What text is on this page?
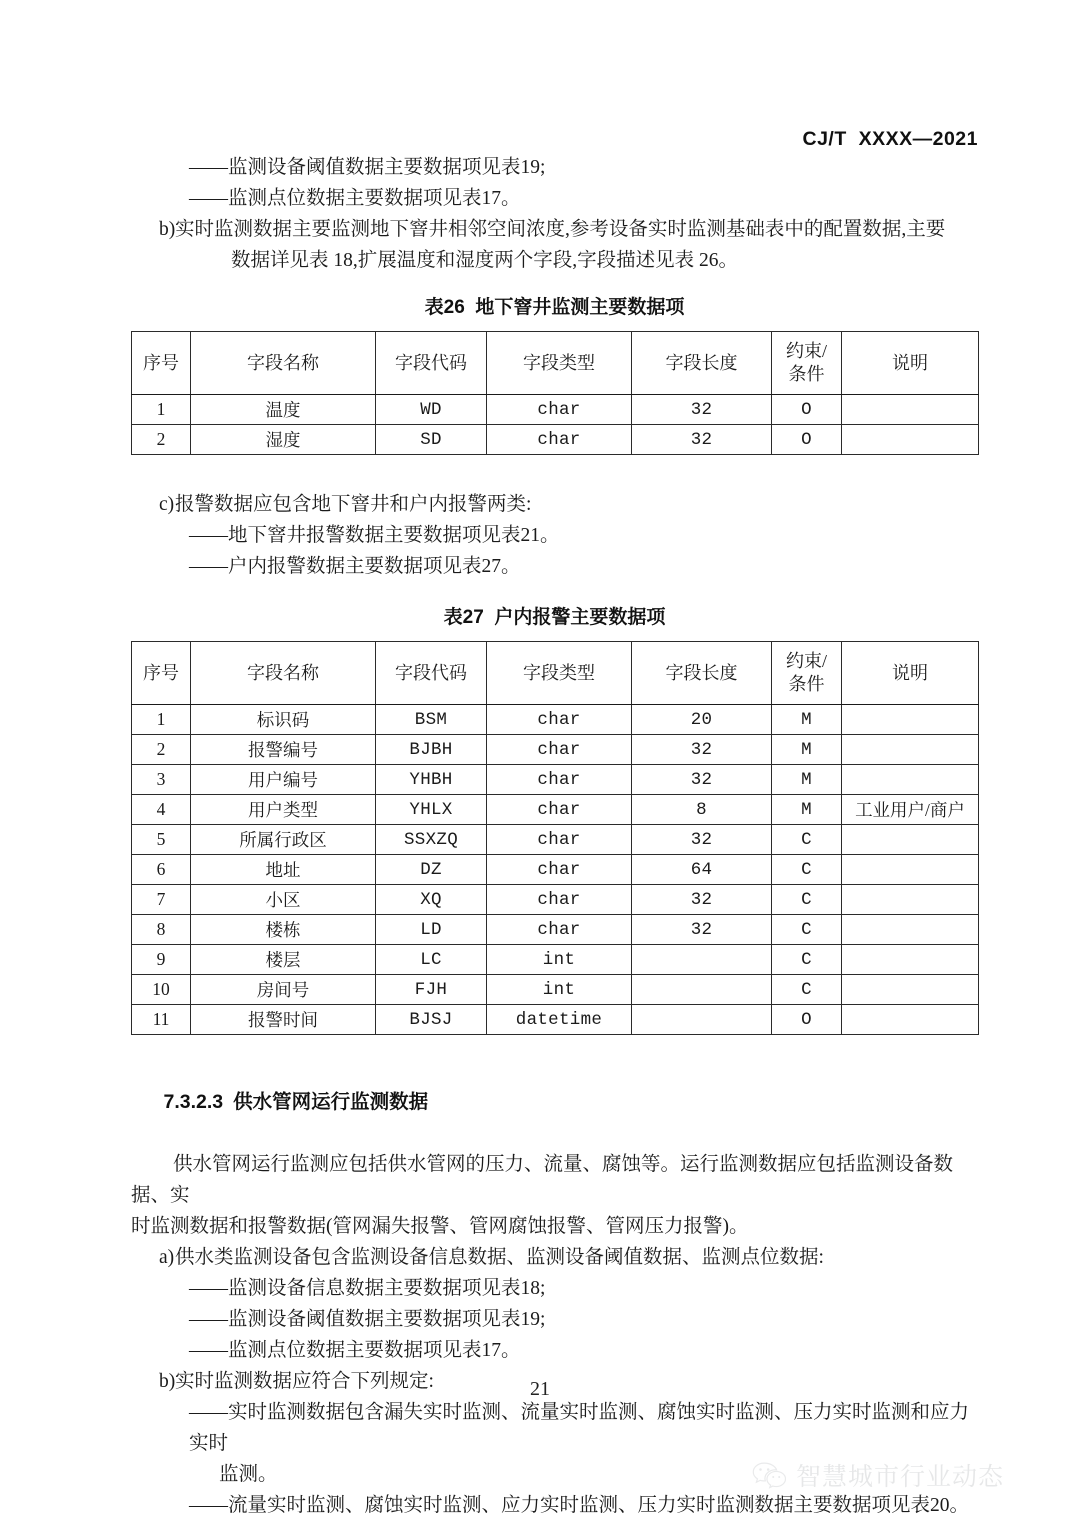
CJ/T  XXXX—2021
——监测设备阈值数据主要数据项见表19;
——监测点位数据主要数据项见表17。
b)实时监测数据主要监测地下窨井相邻空间浓度,参考设备实时监测基础表中的配置数据,主要
数据详见表 18,扩展温度和湿度两个字段,字段描述见表 26。
表26  地下窨井监测主要数据项
序号	字段名称	字段代码	字段类型	字段长度	约束/
条件	说明
1	温度	WD	char	32	O	
2	湿度	SD	char	32	O	
c)报警数据应包含地下窨井和户内报警两类:
——地下窨井报警数据主要数据项见表21。
——户内报警数据主要数据项见表27。
表27  户内报警主要数据项
序号	字段名称	字段代码	字段类型	字段长度	约束/
条件	说明
1	标识码	BSM	char	20	M	
2	报警编号	BJBH	char	32	M	
3	用户编号	YHBH	char	32	M	
4	用户类型	YHLX	char	8	M	工业用户/商户
5	所属行政区	SSXZQ	char	32	C	
6	地址	DZ	char	64	C	
7	小区	XQ	char	32	C	
8	楼栋	LD	char	32	C	
9	楼层	LC	int		C	
10	房间号	FJH	int		C	
11	报警时间	BJSJ	datetime		O	

7.3.2.3 供水管网运行监测数据

供水管网运行监测应包括供水管网的压力、流量、腐蚀等。运行监测数据应包括监测设备数据、实
时监测数据和报警数据(管网漏失报警、管网腐蚀报警、管网压力报警)。
a)供水类监测设备包含监测设备信息数据、监测设备阈值数据、监测点位数据:
——监测设备信息数据主要数据项见表18;
——监测设备阈值数据主要数据项见表19;
——监测点位数据主要数据项见表17。
b)实时监测数据应符合下列规定:
——实时监测数据包含漏失实时监测、流量实时监测、腐蚀实时监测、压力实时监测和应力实时
监测。
——流量实时监测、腐蚀实时监测、应力实时监测、压力实时监测数据主要数据项见表20。
21
智慧城市行业动态
